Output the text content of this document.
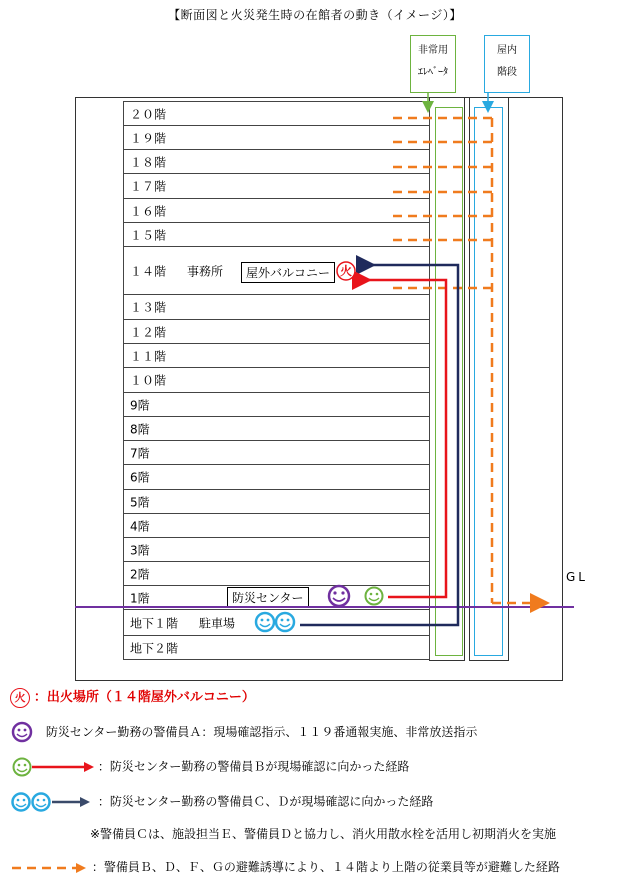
【断面図と火災発生時の在館者の動き（イメージ）】
非常用
ｴﾚﾍﾞｰﾀ
屋内
階段
２０階
１９階
１８階
１７階
１６階
１５階
１４階 事務所
１３階
１２階
１１階
１０階
9階
8階
7階
6階
5階
4階
3階
2階
1階
地下１階 駐車場
地下２階
屋外バルコニー
防災センター
GL
火
火 ：出火場所（１４階屋外バルコニー）
防災センター勤務の警備員Ａ：現場確認指示、１１９番通報実施、非常放送指示
：防災センター勤務の警備員Ｂが現場確認に向かった経路
：防災センター勤務の警備員Ｃ、Ｄが現場確認に向かった経路
※警備員Ｃは、施設担当Ｅ、警備員Ｄと協力し、消火用散水栓を活用し初期消火を実施
：警備員Ｂ、Ｄ、Ｆ、Ｇの避難誘導により、１４階より上階の従業員等が避難した経路
